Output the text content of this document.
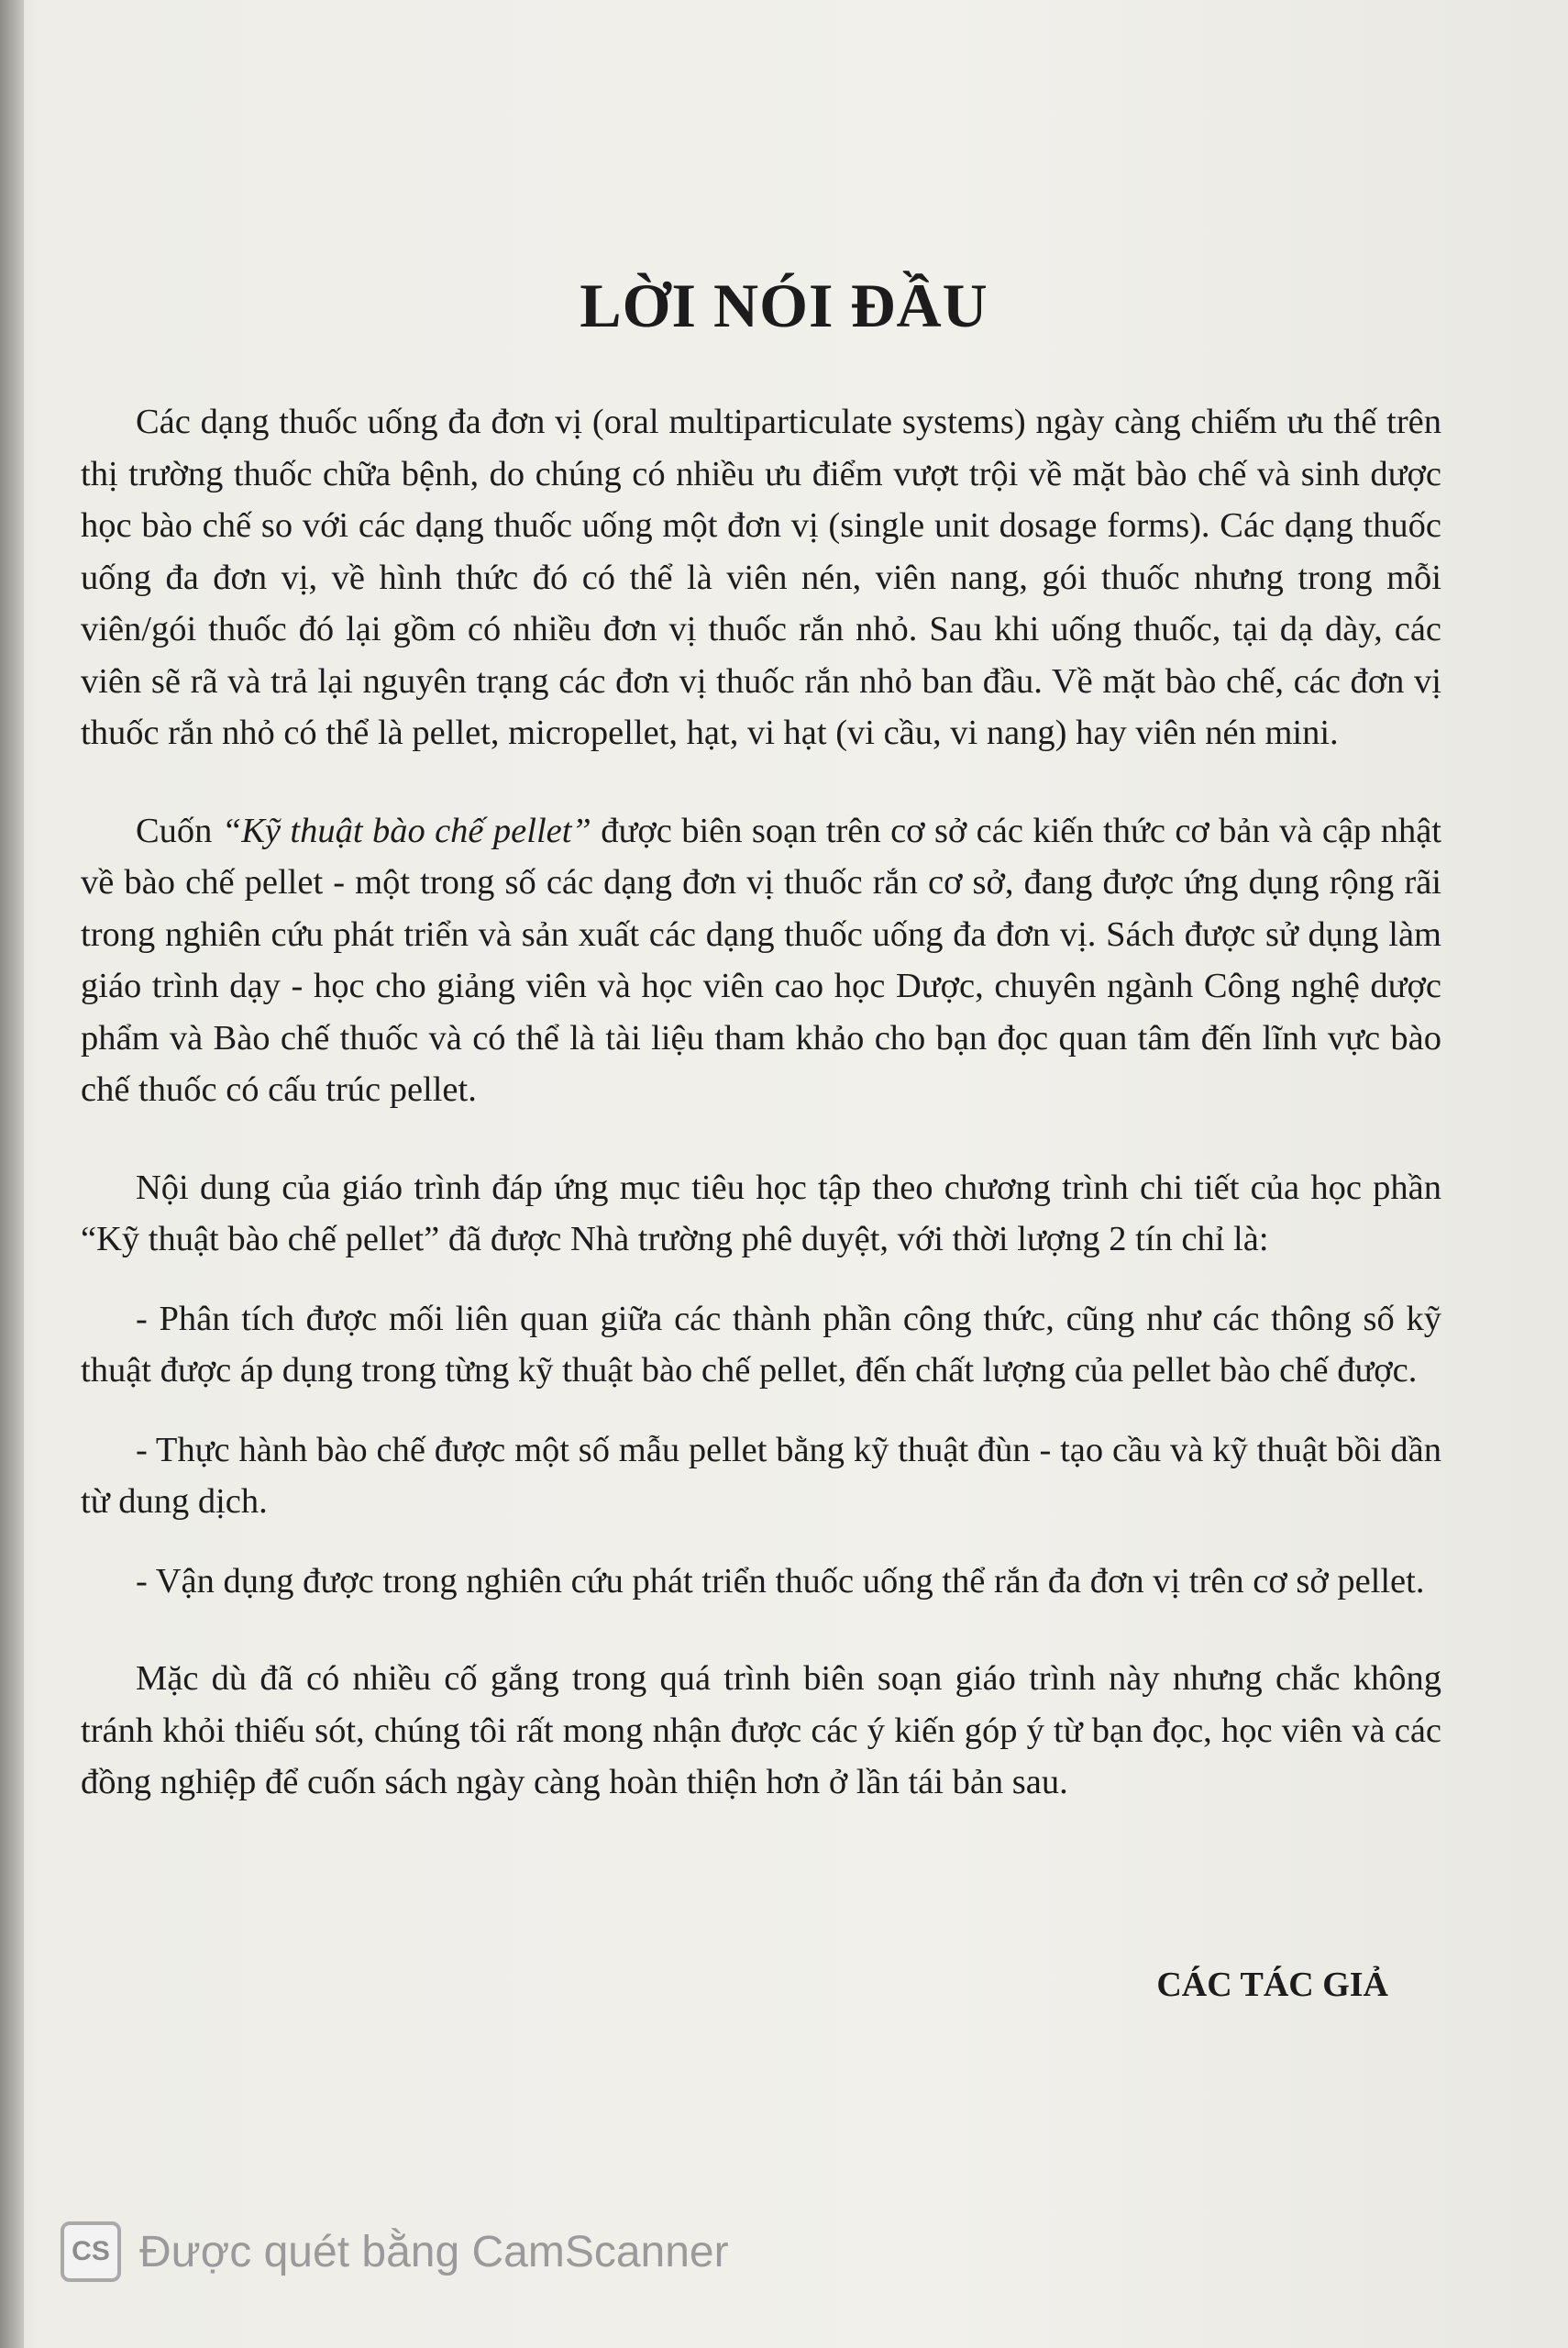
LỜI NÓI ĐẦU

Các dạng thuốc uống đa đơn vị (oral multiparticulate systems) ngày càng chiếm ưu thế trên thị trường thuốc chữa bệnh, do chúng có nhiều ưu điểm vượt trội về mặt bào chế và sinh dược học bào chế so với các dạng thuốc uống một đơn vị (single unit dosage forms). Các dạng thuốc uống đa đơn vị, về hình thức đó có thể là viên nén, viên nang, gói thuốc nhưng trong mỗi viên/gói thuốc đó lại gồm có nhiều đơn vị thuốc rắn nhỏ. Sau khi uống thuốc, tại dạ dày, các viên sẽ rã và trả lại nguyên trạng các đơn vị thuốc rắn nhỏ ban đầu. Về mặt bào chế, các đơn vị thuốc rắn nhỏ có thể là pellet, micropellet, hạt, vi hạt (vi cầu, vi nang) hay viên nén mini.

Cuốn “Kỹ thuật bào chế pellet” được biên soạn trên cơ sở các kiến thức cơ bản và cập nhật về bào chế pellet - một trong số các dạng đơn vị thuốc rắn cơ sở, đang được ứng dụng rộng rãi trong nghiên cứu phát triển và sản xuất các dạng thuốc uống đa đơn vị. Sách được sử dụng làm giáo trình dạy - học cho giảng viên và học viên cao học Dược, chuyên ngành Công nghệ dược phẩm và Bào chế thuốc và có thể là tài liệu tham khảo cho bạn đọc quan tâm đến lĩnh vực bào chế thuốc có cấu trúc pellet.

Nội dung của giáo trình đáp ứng mục tiêu học tập theo chương trình chi tiết của học phần “Kỹ thuật bào chế pellet” đã được Nhà trường phê duyệt, với thời lượng 2 tín chỉ là:

- Phân tích được mối liên quan giữa các thành phần công thức, cũng như các thông số kỹ thuật được áp dụng trong từng kỹ thuật bào chế pellet, đến chất lượng của pellet bào chế được.

- Thực hành bào chế được một số mẫu pellet bằng kỹ thuật đùn - tạo cầu và kỹ thuật bồi dần từ dung dịch.

- Vận dụng được trong nghiên cứu phát triển thuốc uống thể rắn đa đơn vị trên cơ sở pellet.

Mặc dù đã có nhiều cố gắng trong quá trình biên soạn giáo trình này nhưng chắc không tránh khỏi thiếu sót, chúng tôi rất mong nhận được các ý kiến góp ý từ bạn đọc, học viên và các đồng nghiệp để cuốn sách ngày càng hoàn thiện hơn ở lần tái bản sau.

CÁC TÁC GIẢ
CS Được quét bằng CamScanner
